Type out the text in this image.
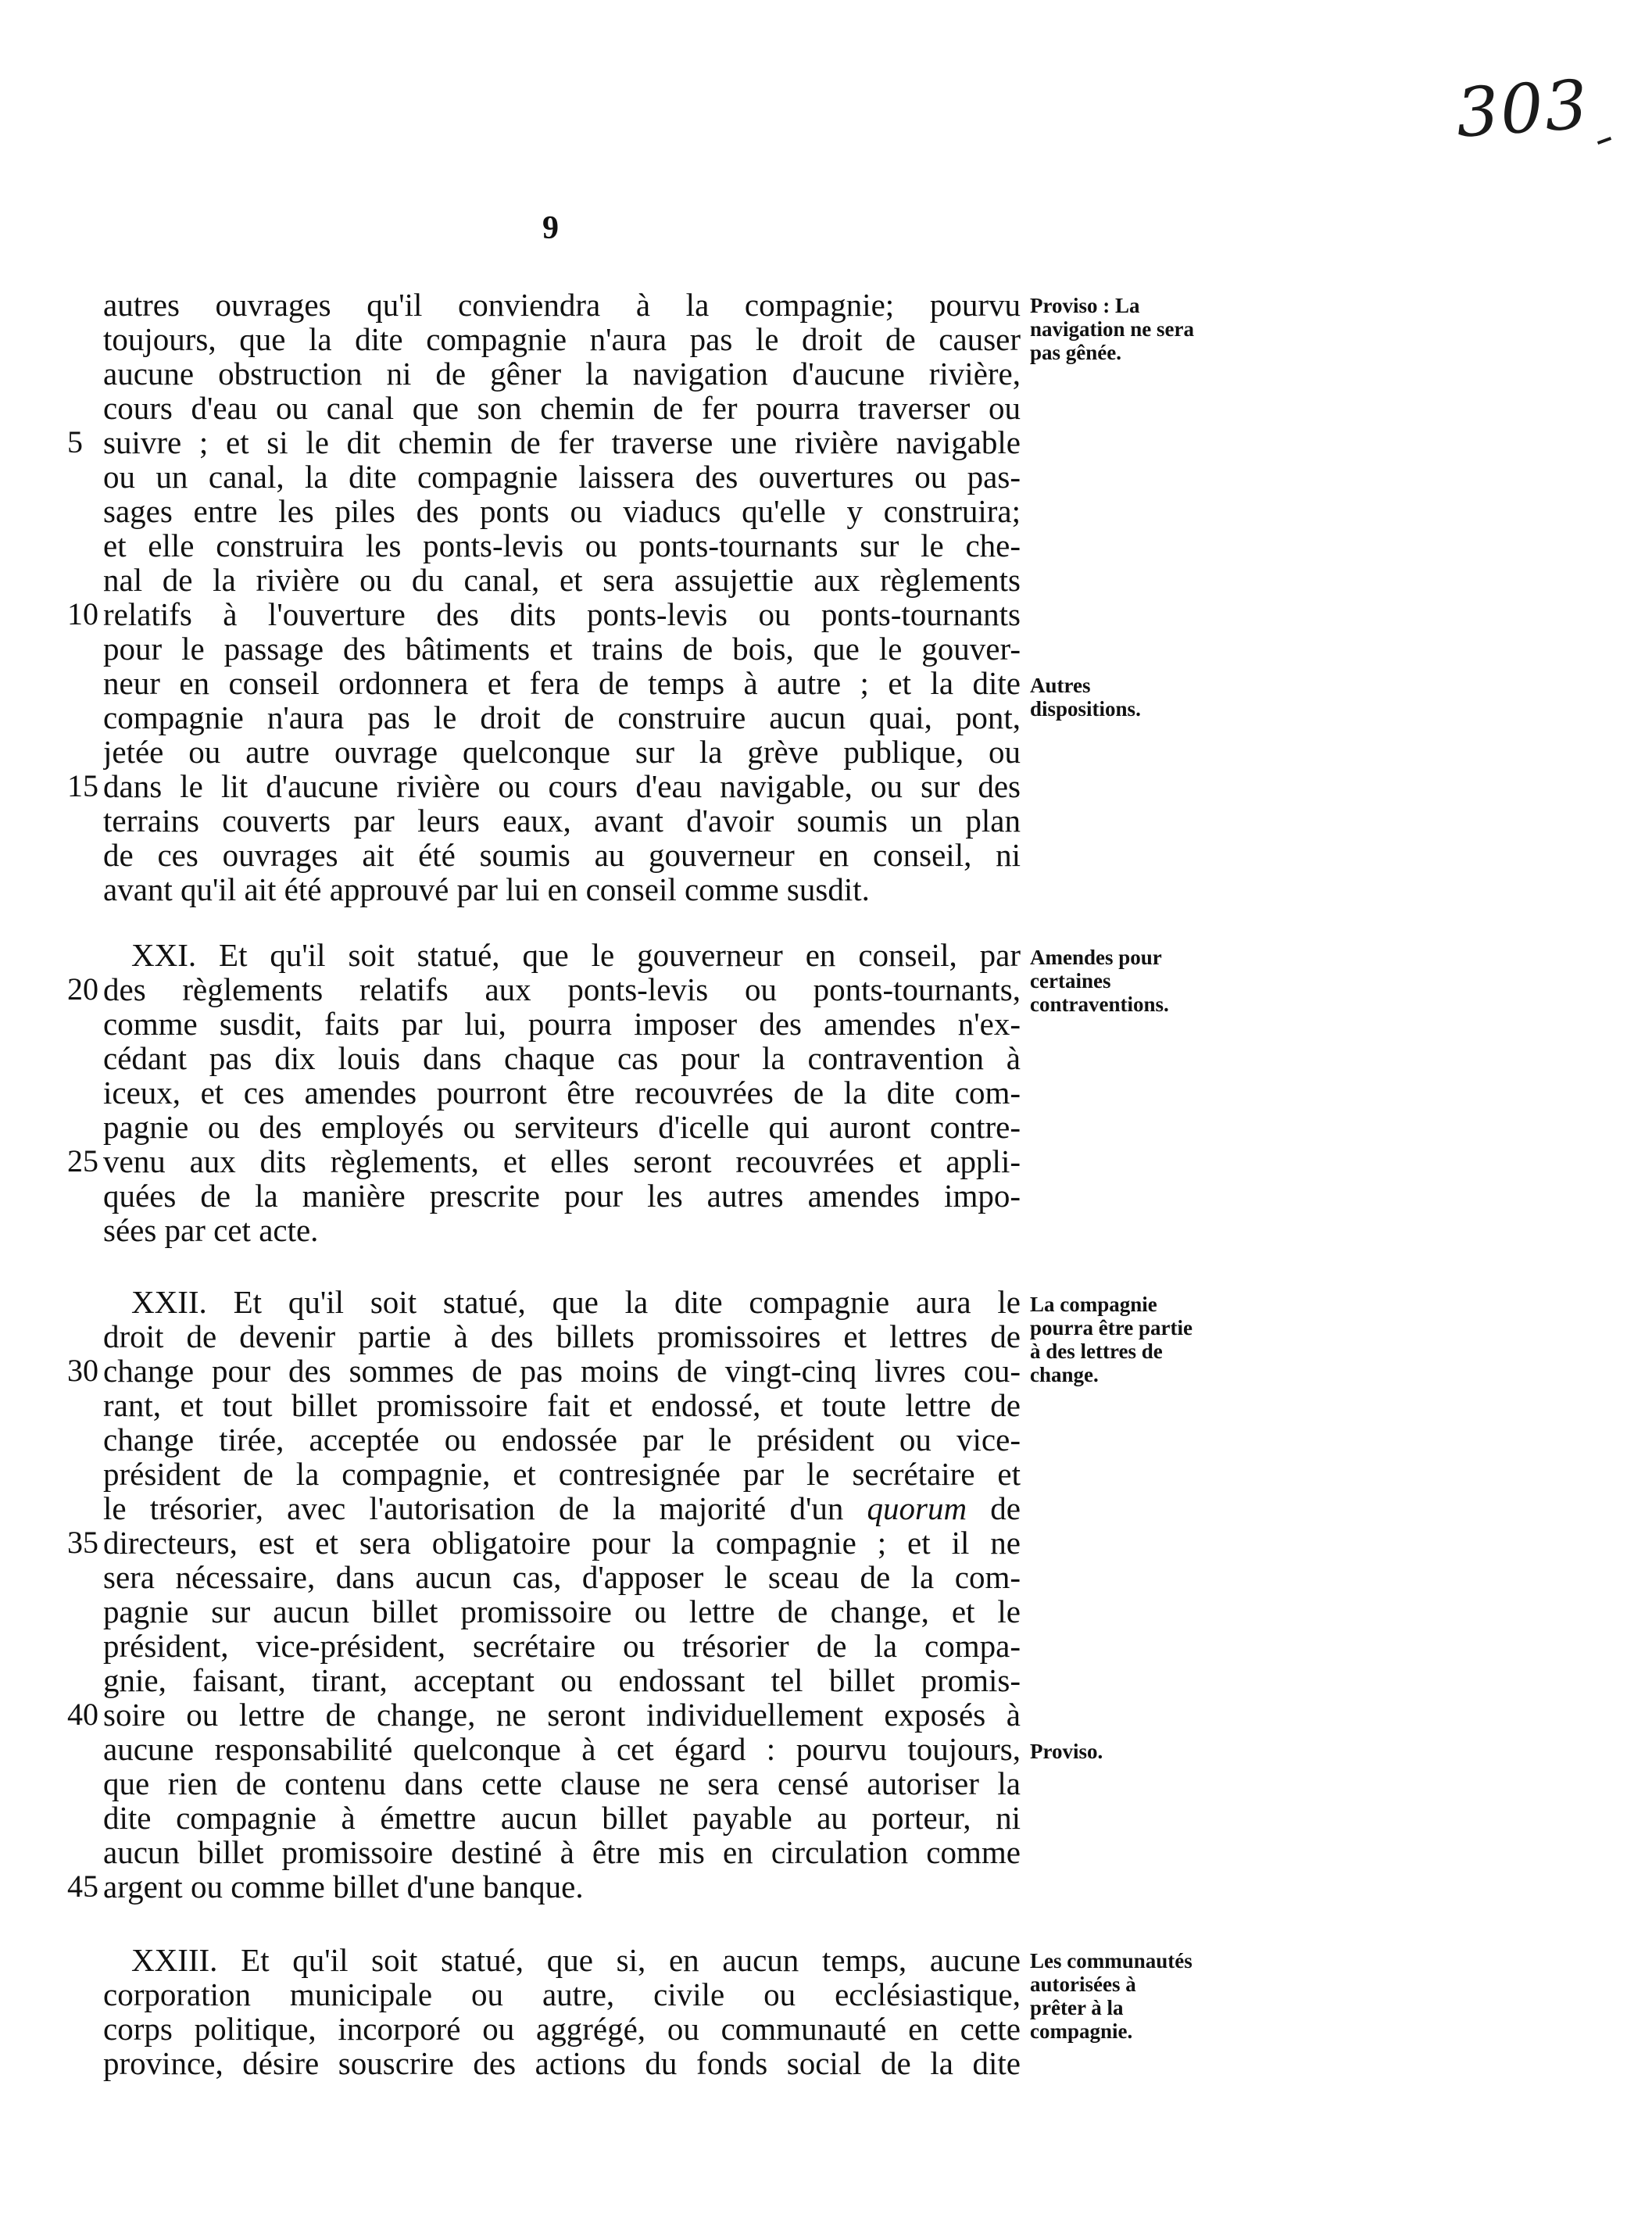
303
9
autres ouvrages qu'il conviendra à la compagnie; pourvu
toujours, que la dite compagnie n'aura pas le droit de causer
aucune obstruction ni de gêner la navigation d'aucune rivière,
cours d'eau ou canal que son chemin de fer pourra traverser ou
suivre ; et si le dit chemin de fer traverse une rivière navigable
ou un canal, la dite compagnie laissera des ouvertures ou pas-
sages entre les piles des ponts ou viaducs qu'elle y construira;
et elle construira les ponts-levis ou ponts-tournants sur le che-
nal de la rivière ou du canal, et sera assujettie aux règlements
relatifs à l'ouverture des dits ponts-levis ou ponts-tournants
pour le passage des bâtiments et trains de bois, que le gouver-
neur en conseil ordonnera et fera de temps à autre ; et la dite
compagnie n'aura pas le droit de construire aucun quai, pont,
jetée ou autre ouvrage quelconque sur la grève publique, ou
dans le lit d'aucune rivière ou cours d'eau navigable, ou sur des
terrains couverts par leurs eaux, avant d'avoir soumis un plan
de ces ouvrages ait été soumis au gouverneur en conseil, ni
avant qu'il ait été approuvé par lui en conseil comme susdit.
XXI. Et qu'il soit statué, que le gouverneur en conseil, par
des règlements relatifs aux ponts-levis ou ponts-tournants,
comme susdit, faits par lui, pourra imposer des amendes n'ex-
cédant pas dix louis dans chaque cas pour la contravention à
iceux, et ces amendes pourront être recouvrées de la dite com-
pagnie ou des employés ou serviteurs d'icelle qui auront contre-
venu aux dits règlements, et elles seront recouvrées et appli-
quées de la manière prescrite pour les autres amendes impo-
sées par cet acte.
XXII. Et qu'il soit statué, que la dite compagnie aura le
droit de devenir partie à des billets promissoires et lettres de
change pour des sommes de pas moins de vingt-cinq livres cou-
rant, et tout billet promissoire fait et endossé, et toute lettre de
change tirée, acceptée ou endossée par le président ou vice-
président de la compagnie, et contresignée par le secrétaire et
le trésorier, avec l'autorisation de la majorité d'un quorum de
directeurs, est et sera obligatoire pour la compagnie ; et il ne
sera nécessaire, dans aucun cas, d'apposer le sceau de la com-
pagnie sur aucun billet promissoire ou lettre de change, et le
président, vice-président, secrétaire ou trésorier de la compa-
gnie, faisant, tirant, acceptant ou endossant tel billet promis-
soire ou lettre de change, ne seront individuellement exposés à
aucune responsabilité quelconque à cet égard : pourvu toujours,
que rien de contenu dans cette clause ne sera censé autoriser la
dite compagnie à émettre aucun billet payable au porteur, ni
aucun billet promissoire destiné à être mis en circulation comme
argent ou comme billet d'une banque.
XXIII. Et qu'il soit statué, que si, en aucun temps, aucune
corporation municipale ou autre, civile ou ecclésiastique,
corps politique, incorporé ou aggrégé, ou communauté en cette
province, désire souscrire des actions du fonds social de la dite
5
10
15
20
25
30
35
40
45
Proviso : La navigation ne sera pas gênée.
Autres dispositions.
Amendes pour certaines contraventions.
La compagnie pourra être partie à des lettres de change.
Proviso.
Les communautés autorisées à prêter à la compagnie.
